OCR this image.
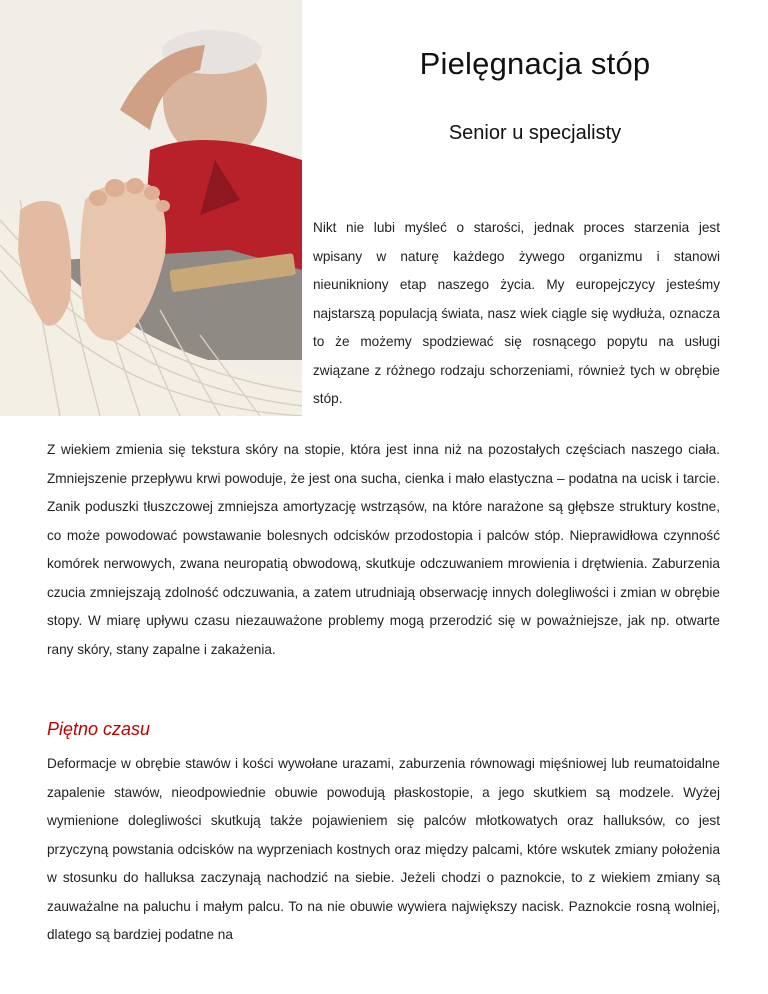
Pielęgnacja stóp
Senior u specjalisty

Nikt nie lubi myśleć o starości, jednak proces starzenia jest wpisany w naturę każdego żywego organizmu i stanowi nieunikniony etap naszego życia. My europejczycy jesteśmy najstarszą populacją świata, nasz wiek ciągle się wydłuża, oznacza to że możemy spodziewać się rosnącego popytu na usługi związane z różnego rodzaju schorzeniami, również tych w obrębie stóp.

Z wiekiem zmienia się tekstura skóry na stopie, która jest inna niż na pozostałych częściach naszego ciała. Zmniejszenie przepływu krwi powoduje, że jest ona sucha, cienka i mało elastyczna – podatna na ucisk i tarcie. Zanik poduszki tłuszczowej zmniejsza amortyzację wstrząsów, na które narażone są głębsze struktury kostne, co może powodować powstawanie bolesnych odcisków przodostopia i palców stóp. Nieprawidłowa czynność komórek nerwowych, zwana neuropatią obwodową, skutkuje odczuwaniem mrowienia i drętwienia. Zaburzenia czucia zmniejszają zdolność odczuwania, a zatem utrudniają obserwację innych dolegliwości i zmian w obrębie stopy. W miarę upływu czasu niezauważone problemy mogą przerodzić się w poważniejsze, jak np. otwarte rany skóry, stany zapalne i zakażenia.

Piętno czasu

Deformacje w obrębie stawów i kości wywołane urazami, zaburzenia równowagi mięśniowej lub reumatoidalne zapalenie stawów, nieodpowiednie obuwie powodują płaskostopie, a jego skutkiem są modzele. Wyżej wymienione dolegliwości skutkują także pojawieniem się palców młotkowatych oraz halluksów, co jest przyczyną powstania odcisków na wyprzeniach kostnych oraz między palcami, które wskutek zmiany położenia w stosunku do halluksa zaczynają nachodzić na siebie. Jeżeli chodzi o paznokcie, to z wiekiem zmiany są zauważalne na paluchu i małym palcu. To na nie obuwie wywiera największy nacisk. Paznokcie rosną wolniej, dlatego są bardziej podatne na
